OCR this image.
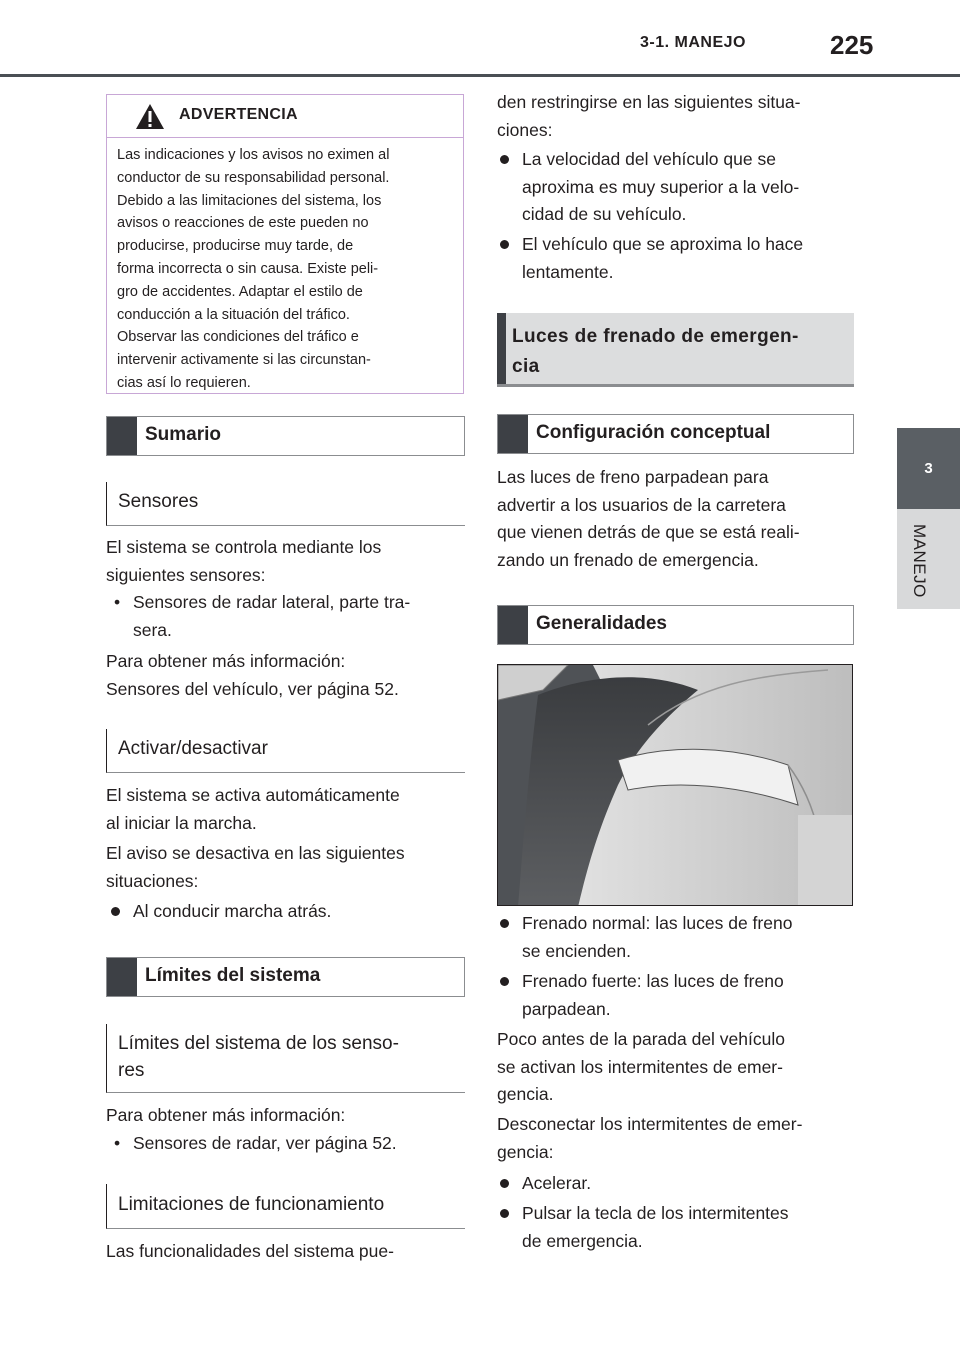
3-1. MANEJO	225
3
MANEJO
ADVERTENCIA
Las indicaciones y los avisos no eximen al
conductor de su responsabilidad personal.
Debido a las limitaciones del sistema, los
avisos o reacciones de este pueden no
producirse, producirse muy tarde, de
forma incorrecta o sin causa. Existe peli-
gro de accidentes. Adaptar el estilo de
conducción a la situación del tráfico.
Observar las condiciones del tráfico e
intervenir activamente si las circunstan-
cias así lo requieren.
Sumario
Sensores
El sistema se controla mediante los
siguientes sensores:
• Sensores de radar lateral, parte tra-
sera.
Para obtener más información:
Sensores del vehículo, ver página 52.
Activar/desactivar
El sistema se activa automáticamente
al iniciar la marcha.
El aviso se desactiva en las siguientes
situaciones:
Al conducir marcha atrás.
Límites del sistema
Límites del sistema de los senso-
res
Para obtener más información:
• Sensores de radar, ver página 52.
Limitaciones de funcionamiento
Las funcionalidades del sistema pue-
den restringirse en las siguientes situa-
ciones:
La velocidad del vehículo que se
aproxima es muy superior a la velo-
cidad de su vehículo.
El vehículo que se aproxima lo hace
lentamente.
Luces de frenado de emergen-
cia
Configuración conceptual
Las luces de freno parpadean para
advertir a los usuarios de la carretera
que vienen detrás de que se está reali-
zando un frenado de emergencia.
Generalidades
Frenado normal: las luces de freno
se encienden.
Frenado fuerte: las luces de freno
parpadean.
Poco antes de la parada del vehículo
se activan los intermitentes de emer-
gencia.
Desconectar los intermitentes de emer-
gencia:
Acelerar.
Pulsar la tecla de los intermitentes
de emergencia.
